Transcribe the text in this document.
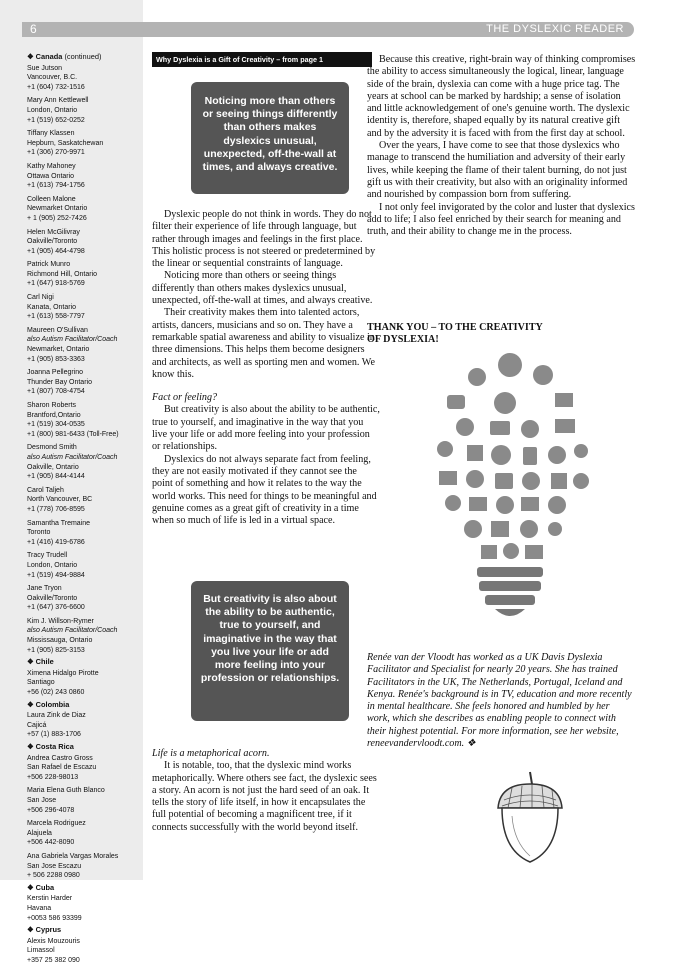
6	THE DYSLEXIC READER
❖ Canada (continued)
Sue Jutson
Vancouver, B.C.
+1 (604) 732-1516
Mary Ann Kettlewell
London, Ontario
+1 (519) 652-0252
Tiffany Klassen
Hepburn, Saskatchewan
+1 (306) 270-9971
Kathy Mahoney
Ottawa Ontario
+1 (613) 794-1756
Colleen Malone
Newmarket Ontario
+ 1 (905) 252-7426
Helen McGilivray
Oakville/Toronto
+1 (905) 464-4798
Patrick Munro
Richmond Hill, Ontario
+1 (647) 918-5769
Carl Nigi
Kanata, Ontario
+1 (613) 558-7797
Maureen O'Sullivan
also Autism Facilitator/Coach
Newmarket, Ontario
+1 (905) 853-3363
Joanna Pellegrino
Thunder Bay Ontario
+1 (807) 708-4754
Sharon Roberts
Brantford,Ontario
+1 (519) 304-0535
+1 (800) 981-6433 (Toll-Free)
Desmond Smith
also Autism Facilitator/Coach
Oakville, Ontario
+1 (905) 844-4144
Carol Taljeh
North Vancouver, BC
+1 (778) 706-8595
Samantha Tremaine
Toronto
+1 (416) 419-6786
Tracy Trudell
London, Ontario
+1 (519) 494-9884
Jane Tryon
Oakville/Toronto
+1 (647) 376-6600
Kim J. Willson-Rymer
also Autism Facilitator/Coach
Mississauga, Ontario
+1 (905) 825-3153
❖ Chile
Ximena Hidalgo Pirotte
Santiago
+56 (02) 243 0860
❖ Colombia
Laura Zink de Diaz
Cajicá
+57 (1) 883-1706
❖ Costa Rica
Andrea Castro Gross
San Rafael de Escazu
+506 228-98013
Maria Elena Guth Blanco
San Jose
+506 296-4078
Marcela Rodriguez
Alajuela
+506 442-8090
Ana Gabriela Vargas Morales
San Jose Escazu
+ 506 2288 0980
❖ Cuba
Kerstin Harder
Havana
+0053 586 93399
❖ Cyprus
Alexis Mouzouris
Limassol
+357 25 382 090
Why Dyslexia is a Gift of Creativity – from page 1
Noticing more than others or seeing things differently than others makes dyslexics unusual, unexpected, off-the-wall at times, and always creative.
But creativity is also about the ability to be authentic, true to yourself, and imaginative in the way that you live your life or add more feeling into your profession or relationships.

Dyslexic people do not think in words. They do not filter their experience of life through language, but rather through images and feelings in the first place. This holistic process is not steered or predetermined by the linear or sequential constraints of language.

Noticing more than others or seeing things differently than others makes dyslexics unusual, unexpected, off-the-wall at times, and always creative.

Their creativity makes them into talented actors, artists, dancers, musicians and so on. They have a remarkable spatial awareness and ability to visualize in three dimensions. This helps them become designers and architects, as well as sporting men and women. We know this.

Fact or feeling?

But creativity is also about the ability to be authentic, true to yourself, and imaginative in the way that you live your life or add more feeling into your profession or relationships.

Dyslexics do not always separate fact from feeling, they are not easily motivated if they cannot see the point of something and how it relates to the way the world works. This need for things to be meaningful and genuine comes as a great gift of creativity in a time when so much of life is led in a virtual space.

Life is a metaphorical acorn.

It is notable, too, that the dyslexic mind works metaphorically. Where others see fact, the dyslexic sees a story. An acorn is not just the hard seed of an oak. It tells the story of life itself, in how it encapsulates the full potential of becoming a magnificent tree, if it connects successfully with the world beyond itself.

Because this creative, right-brain way of thinking compromises the ability to access simultaneously the logical, linear, language side of the brain, dyslexia can come with a huge price tag. The years at school can be marked by hardship; a sense of isolation and little acknowledgement of one's genuine worth. The dyslexic identity is, therefore, shaped equally by its natural creative gift and by the adversity it is faced with from the first day at school.

Over the years, I have come to see that those dyslexics who manage to transcend the humiliation and adversity of their early lives, while keeping the flame of their talent burning, do not just gift us with their creativity, but also with an originality informed and nourished by compassion born from suffering.

I not only feel invigorated by the color and luster that dyslexics add to life; I also feel enriched by their search for meaning and truth, and their ability to change me in the process.

THANK YOU – TO THE CREATIVITY
OF DYSLEXIA!
Renée van der Vloodt has worked as a UK Davis Dyslexia Facilitator and Specialist for nearly 20 years. She has trained Facilitators in the UK, The Netherlands, Portugal, Iceland and Kenya. Renée's background is in TV, education and more recently in mental healthcare. She feels honored and humbled by her work, which she describes as enabling people to connect with their highest potential. For more information, see her website, reneevandervloodt.com. ❖
